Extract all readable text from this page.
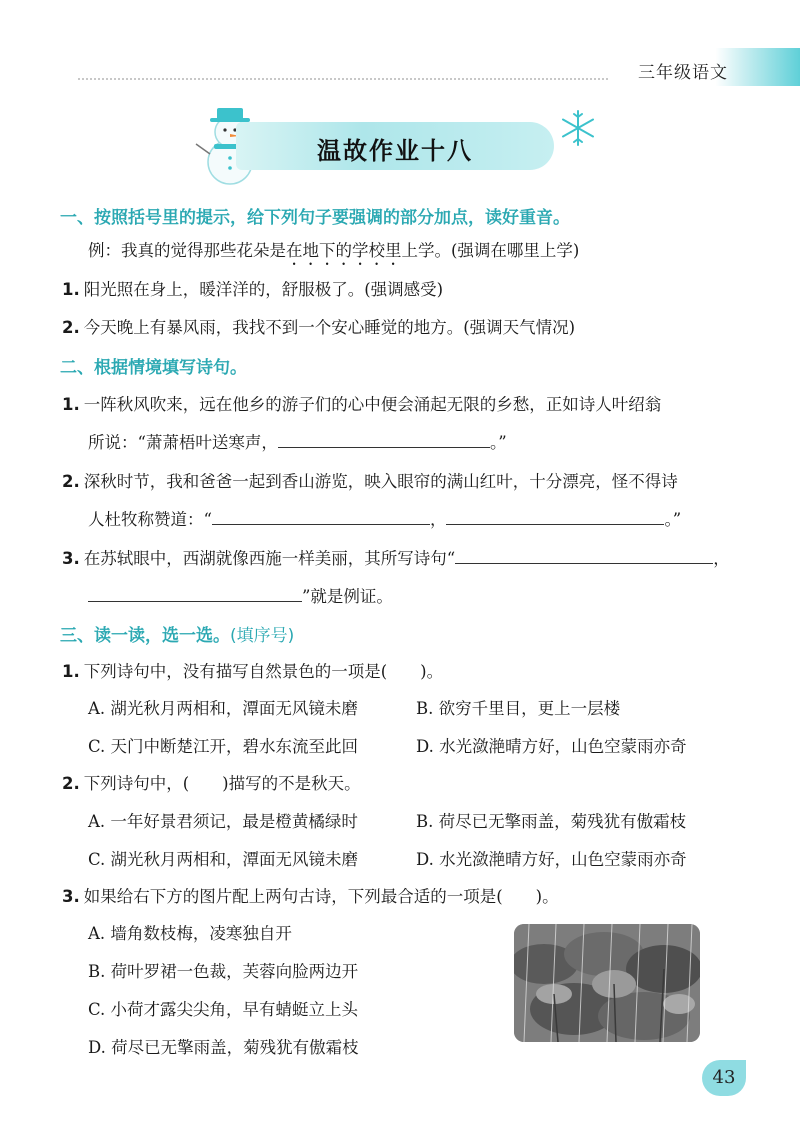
三年级语文
温故作业十八
一、按照括号里的提示，给下列句子要强调的部分加点，读好重音。
例：我真的觉得那些花朵是在地下的学校里上学。(强调在哪里上学)
1. 阳光照在身上，暖洋洋的，舒服极了。(强调感受)
2. 今天晚上有暴风雨，我找不到一个安心睡觉的地方。(强调天气情况)
二、根据情境填写诗句。
1. 一阵秋风吹来，远在他乡的游子们的心中便会涌起无限的乡愁，正如诗人叶绍翁
所说：“萧萧梧叶送寒声，	。”
2. 深秋时节，我和爸爸一起到香山游览，映入眼帘的满山红叶，十分漂亮，怪不得诗
人杜牧称赞道：“	，	。”
3. 在苏轼眼中，西湖就像西施一样美丽，其所写诗句“	，
”就是例证。
三、读一读，选一选。(填序号)
1. 下列诗句中，没有描写自然景色的一项是(　　)。
A. 湖光秋月两相和，潭面无风镜未磨	B. 欲穷千里目，更上一层楼
C. 天门中断楚江开，碧水东流至此回	D. 水光潋滟晴方好，山色空蒙雨亦奇
2. 下列诗句中，(　　)描写的不是秋天。
A. 一年好景君须记，最是橙黄橘绿时	B. 荷尽已无擎雨盖，菊残犹有傲霜枝
C. 湖光秋月两相和，潭面无风镜未磨	D. 水光潋滟晴方好，山色空蒙雨亦奇
3. 如果给右下方的图片配上两句古诗，下列最合适的一项是(　　)。
A. 墙角数枝梅，凌寒独自开
B. 荷叶罗裙一色裁，芙蓉向脸两边开
C. 小荷才露尖尖角，早有蜻蜓立上头
D. 荷尽已无擎雨盖，菊残犹有傲霜枝
43
